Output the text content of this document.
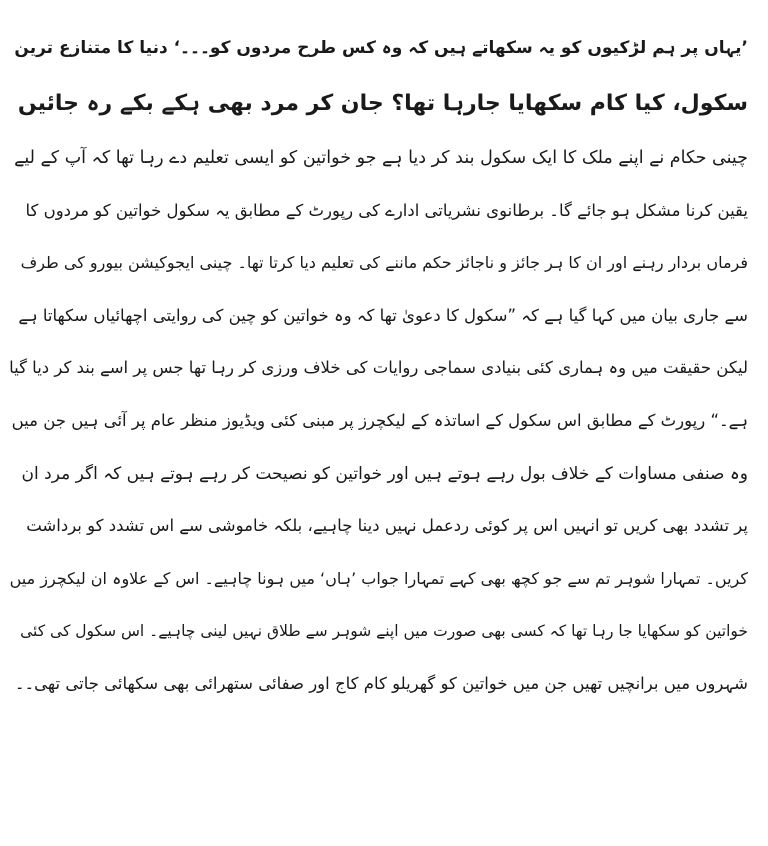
’یہاں پر ہم لڑکیوں کو یہ سکھاتے ہیں کہ وہ کس طرح مردوں کو۔۔۔‘ دنیا کا متنازع ترین
سکول، کیا کام سکھایا جارہا تھا؟ جان کر مرد بھی ہکے بکے رہ جائیں
چینی حکام نے اپنے ملک کا ایک سکول بند کر دیا ہے جو خواتین کو ایسی تعلیم دے رہا تھا کہ آپ کے لیے
یقین کرنا مشکل ہو جائے گا۔ برطانوی نشریاتی ادارے کی رپورٹ کے مطابق یہ سکول خواتین کو مردوں کا
فرماں بردار رہنے اور ان کا ہر جائز و ناجائز حکم ماننے کی تعلیم دیا کرتا تھا۔ چینی ایجوکیشن بیورو کی طرف
سے جاری بیان میں کہا گیا ہے کہ ”سکول کا دعویٰ تھا کہ وہ خواتین کو چین کی روایتی اچھائیاں سکھاتا ہے
لیکن حقیقت میں وہ ہماری کئی بنیادی سماجی روایات کی خلاف ورزی کر رہا تھا جس پر اسے بند کر دیا گیا
ہے۔“ رپورٹ کے مطابق اس سکول کے اساتذہ کے لیکچرز پر مبنی کئی ویڈیوز منظر عام پر آئی ہیں جن میں
وہ صنفی مساوات کے خلاف بول رہے ہوتے ہیں اور خواتین کو نصیحت کر رہے ہوتے ہیں کہ اگر مرد ان
پر تشدد بھی کریں تو انہیں اس پر کوئی ردعمل نہیں دینا چاہیے، بلکہ خاموشی سے اس تشدد کو برداشت
کریں۔ تمہارا شوہر تم سے جو کچھ بھی کہے تمہارا جواب ’ہاں‘ میں ہونا چاہیے۔ اس کے علاوہ ان لیکچرز میں
خواتین کو سکھایا جا رہا تھا کہ کسی بھی صورت میں اپنے شوہر سے طلاق نہیں لینی چاہیے۔ اس سکول کی کئی
شہروں میں برانچیں تھیں جن میں خواتین کو گھریلو کام کاج اور صفائی ستھرائی بھی سکھائی جاتی تھی۔۔
